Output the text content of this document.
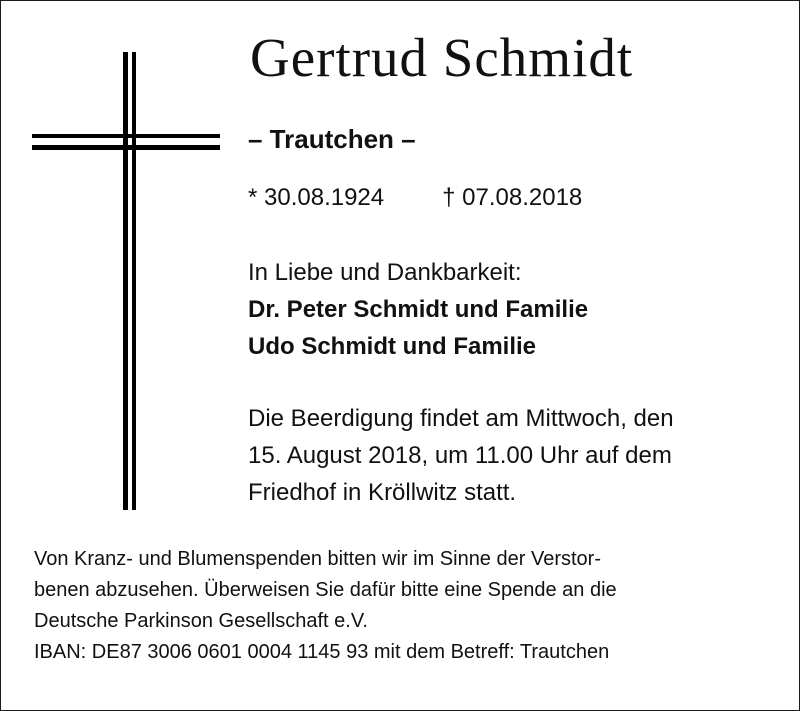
Gertrud Schmidt
– Trautchen –
* 30.08.1924 † 07.08.2018
In Liebe und Dankbarkeit:
Dr. Peter Schmidt und Familie
Udo Schmidt und Familie
Die Beerdigung findet am Mittwoch, den
15. August 2018, um 11.00 Uhr auf dem
Friedhof in Kröllwitz statt.
Von Kranz- und Blumenspenden bitten wir im Sinne der Verstor-
benen abzusehen. Überweisen Sie dafür bitte eine Spende an die
Deutsche Parkinson Gesellschaft e.V.
IBAN: DE87 3006 0601 0004 1145 93 mit dem Betreff: Trautchen
